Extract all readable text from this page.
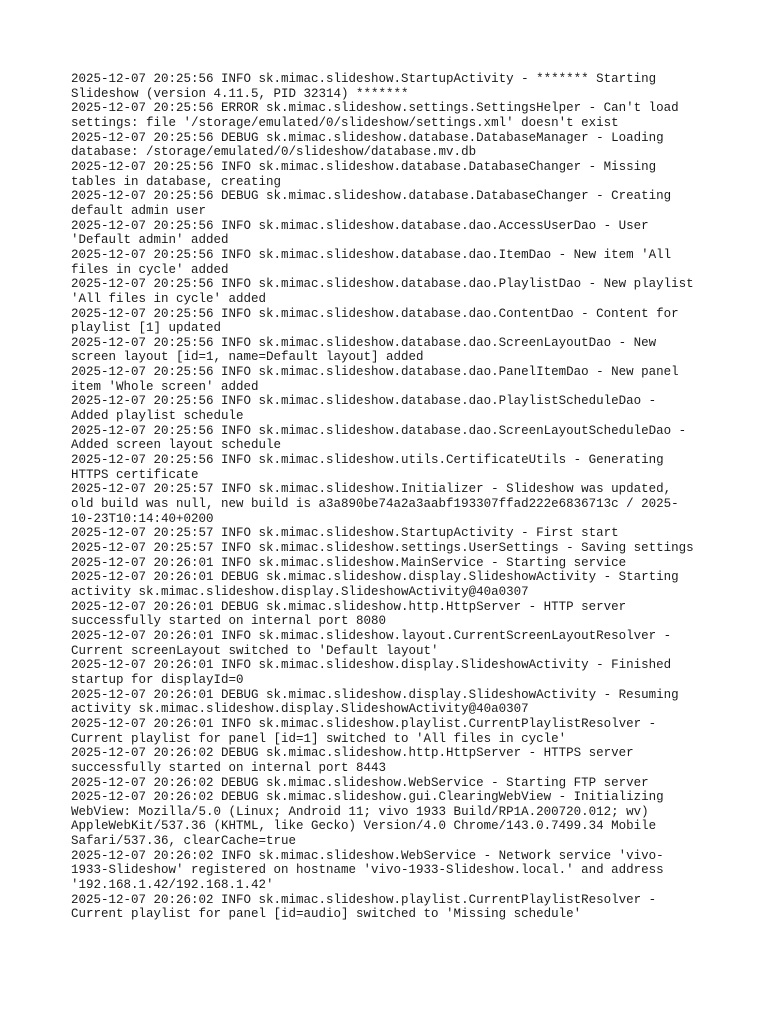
2025-12-07 20:25:56 INFO sk.mimac.slideshow.StartupActivity - ******* Starting
Slideshow (version 4.11.5, PID 32314) *******
2025-12-07 20:25:56 ERROR sk.mimac.slideshow.settings.SettingsHelper - Can't load
settings: file '/storage/emulated/0/slideshow/settings.xml' doesn't exist
2025-12-07 20:25:56 DEBUG sk.mimac.slideshow.database.DatabaseManager - Loading
database: /storage/emulated/0/slideshow/database.mv.db
2025-12-07 20:25:56 INFO sk.mimac.slideshow.database.DatabaseChanger - Missing
tables in database, creating
2025-12-07 20:25:56 DEBUG sk.mimac.slideshow.database.DatabaseChanger - Creating
default admin user
2025-12-07 20:25:56 INFO sk.mimac.slideshow.database.dao.AccessUserDao - User
'Default admin' added
2025-12-07 20:25:56 INFO sk.mimac.slideshow.database.dao.ItemDao - New item 'All
files in cycle' added
2025-12-07 20:25:56 INFO sk.mimac.slideshow.database.dao.PlaylistDao - New playlist
'All files in cycle' added
2025-12-07 20:25:56 INFO sk.mimac.slideshow.database.dao.ContentDao - Content for
playlist [1] updated
2025-12-07 20:25:56 INFO sk.mimac.slideshow.database.dao.ScreenLayoutDao - New
screen layout [id=1, name=Default layout] added
2025-12-07 20:25:56 INFO sk.mimac.slideshow.database.dao.PanelItemDao - New panel
item 'Whole screen' added
2025-12-07 20:25:56 INFO sk.mimac.slideshow.database.dao.PlaylistScheduleDao -
Added playlist schedule
2025-12-07 20:25:56 INFO sk.mimac.slideshow.database.dao.ScreenLayoutScheduleDao -
Added screen layout schedule
2025-12-07 20:25:56 INFO sk.mimac.slideshow.utils.CertificateUtils - Generating
HTTPS certificate
2025-12-07 20:25:57 INFO sk.mimac.slideshow.Initializer - Slideshow was updated,
old build was null, new build is a3a890be74a2a3aabf193307ffad222e6836713c / 2025-
10-23T10:14:40+0200
2025-12-07 20:25:57 INFO sk.mimac.slideshow.StartupActivity - First start
2025-12-07 20:25:57 INFO sk.mimac.slideshow.settings.UserSettings - Saving settings
2025-12-07 20:26:01 INFO sk.mimac.slideshow.MainService - Starting service
2025-12-07 20:26:01 DEBUG sk.mimac.slideshow.display.SlideshowActivity - Starting
activity sk.mimac.slideshow.display.SlideshowActivity@40a0307
2025-12-07 20:26:01 DEBUG sk.mimac.slideshow.http.HttpServer - HTTP server
successfully started on internal port 8080
2025-12-07 20:26:01 INFO sk.mimac.slideshow.layout.CurrentScreenLayoutResolver -
Current screenLayout switched to 'Default layout'
2025-12-07 20:26:01 INFO sk.mimac.slideshow.display.SlideshowActivity - Finished
startup for displayId=0
2025-12-07 20:26:01 DEBUG sk.mimac.slideshow.display.SlideshowActivity - Resuming
activity sk.mimac.slideshow.display.SlideshowActivity@40a0307
2025-12-07 20:26:01 INFO sk.mimac.slideshow.playlist.CurrentPlaylistResolver -
Current playlist for panel [id=1] switched to 'All files in cycle'
2025-12-07 20:26:02 DEBUG sk.mimac.slideshow.http.HttpServer - HTTPS server
successfully started on internal port 8443
2025-12-07 20:26:02 DEBUG sk.mimac.slideshow.WebService - Starting FTP server
2025-12-07 20:26:02 DEBUG sk.mimac.slideshow.gui.ClearingWebView - Initializing
WebView: Mozilla/5.0 (Linux; Android 11; vivo 1933 Build/RP1A.200720.012; wv)
AppleWebKit/537.36 (KHTML, like Gecko) Version/4.0 Chrome/143.0.7499.34 Mobile
Safari/537.36, clearCache=true
2025-12-07 20:26:02 INFO sk.mimac.slideshow.WebService - Network service 'vivo-
1933-Slideshow' registered on hostname 'vivo-1933-Slideshow.local.' and address
'192.168.1.42/192.168.1.42'
2025-12-07 20:26:02 INFO sk.mimac.slideshow.playlist.CurrentPlaylistResolver -
Current playlist for panel [id=audio] switched to 'Missing schedule'
